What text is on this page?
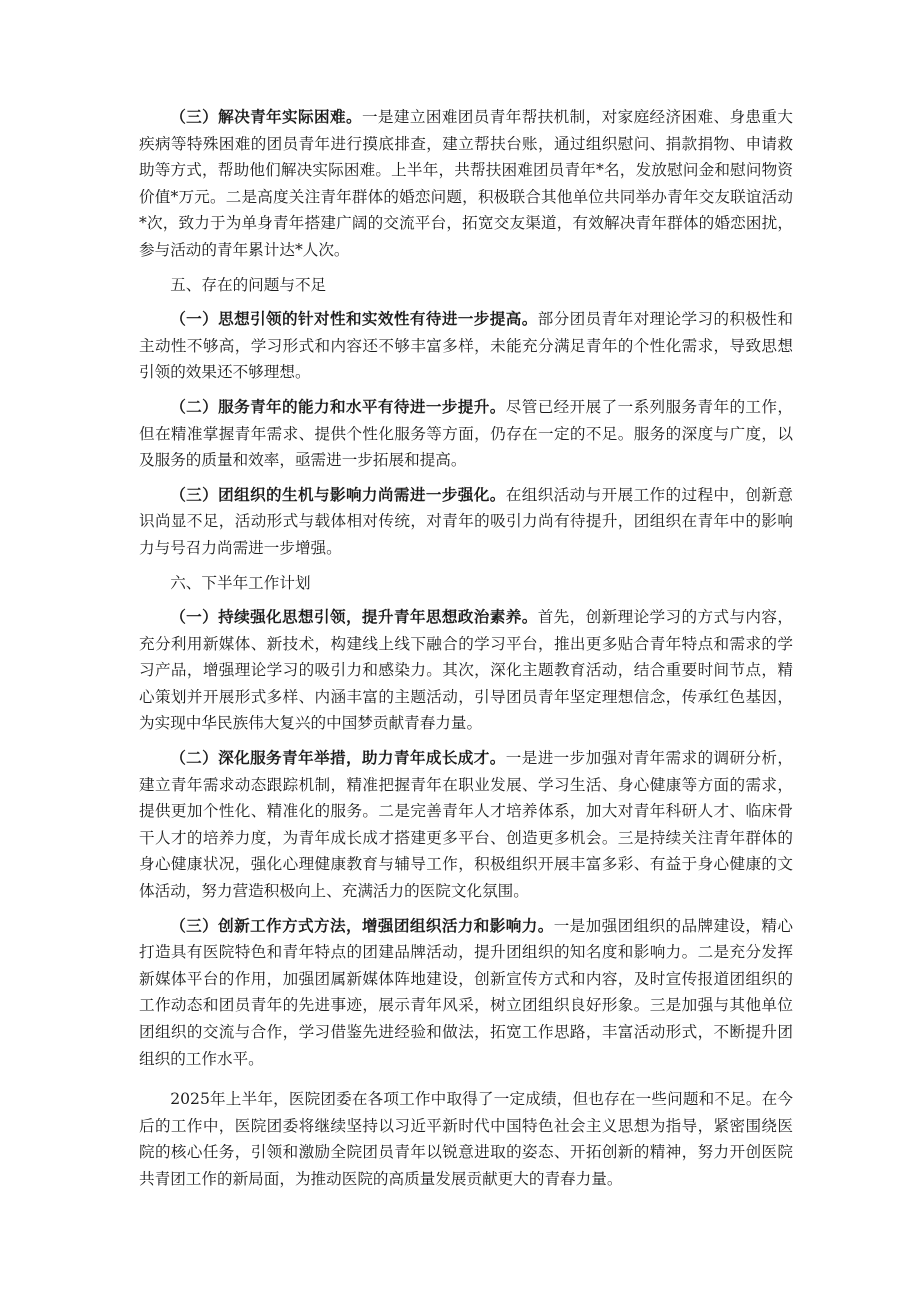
（三）解决青年实际困难。一是建立困难团员青年帮扶机制，对家庭经济困难、身患重大疾病等特殊困难的团员青年进行摸底排查，建立帮扶台账，通过组织慰问、捐款捐物、申请救助等方式，帮助他们解决实际困难。上半年，共帮扶困难团员青年*名，发放慰问金和慰问物资价值*万元。二是高度关注青年群体的婚恋问题，积极联合其他单位共同举办青年交友联谊活动*次，致力于为单身青年搭建广阔的交流平台，拓宽交友渠道，有效解决青年群体的婚恋困扰，参与活动的青年累计达*人次。

五、存在的问题与不足

（一）思想引领的针对性和实效性有待进一步提高。部分团员青年对理论学习的积极性和主动性不够高，学习形式和内容还不够丰富多样，未能充分满足青年的个性化需求，导致思想引领的效果还不够理想。

（二）服务青年的能力和水平有待进一步提升。尽管已经开展了一系列服务青年的工作，但在精准掌握青年需求、提供个性化服务等方面，仍存在一定的不足。服务的深度与广度，以及服务的质量和效率，亟需进一步拓展和提高。

（三）团组织的生机与影响力尚需进一步强化。在组织活动与开展工作的过程中，创新意识尚显不足，活动形式与载体相对传统，对青年的吸引力尚有待提升，团组织在青年中的影响力与号召力尚需进一步增强。

六、下半年工作计划

（一）持续强化思想引领，提升青年思想政治素养。首先，创新理论学习的方式与内容，充分利用新媒体、新技术，构建线上线下融合的学习平台，推出更多贴合青年特点和需求的学习产品，增强理论学习的吸引力和感染力。其次，深化主题教育活动，结合重要时间节点，精心策划并开展形式多样、内涵丰富的主题活动，引导团员青年坚定理想信念，传承红色基因，为实现中华民族伟大复兴的中国梦贡献青春力量。

（二）深化服务青年举措，助力青年成长成才。一是进一步加强对青年需求的调研分析，建立青年需求动态跟踪机制，精准把握青年在职业发展、学习生活、身心健康等方面的需求，提供更加个性化、精准化的服务。二是完善青年人才培养体系，加大对青年科研人才、临床骨干人才的培养力度，为青年成长成才搭建更多平台、创造更多机会。三是持续关注青年群体的身心健康状况，强化心理健康教育与辅导工作，积极组织开展丰富多彩、有益于身心健康的文体活动，努力营造积极向上、充满活力的医院文化氛围。

（三）创新工作方式方法，增强团组织活力和影响力。一是加强团组织的品牌建设，精心打造具有医院特色和青年特点的团建品牌活动，提升团组织的知名度和影响力。二是充分发挥新媒体平台的作用，加强团属新媒体阵地建设，创新宣传方式和内容，及时宣传报道团组织的工作动态和团员青年的先进事迹，展示青年风采，树立团组织良好形象。三是加强与其他单位团组织的交流与合作，学习借鉴先进经验和做法，拓宽工作思路，丰富活动形式，不断提升团组织的工作水平。

2025年上半年，医院团委在各项工作中取得了一定成绩，但也存在一些问题和不足。在今后的工作中，医院团委将继续坚持以习近平新时代中国特色社会主义思想为指导，紧密围绕医院的核心任务，引领和激励全院团员青年以锐意进取的姿态、开拓创新的精神，努力开创医院共青团工作的新局面，为推动医院的高质量发展贡献更大的青春力量。
